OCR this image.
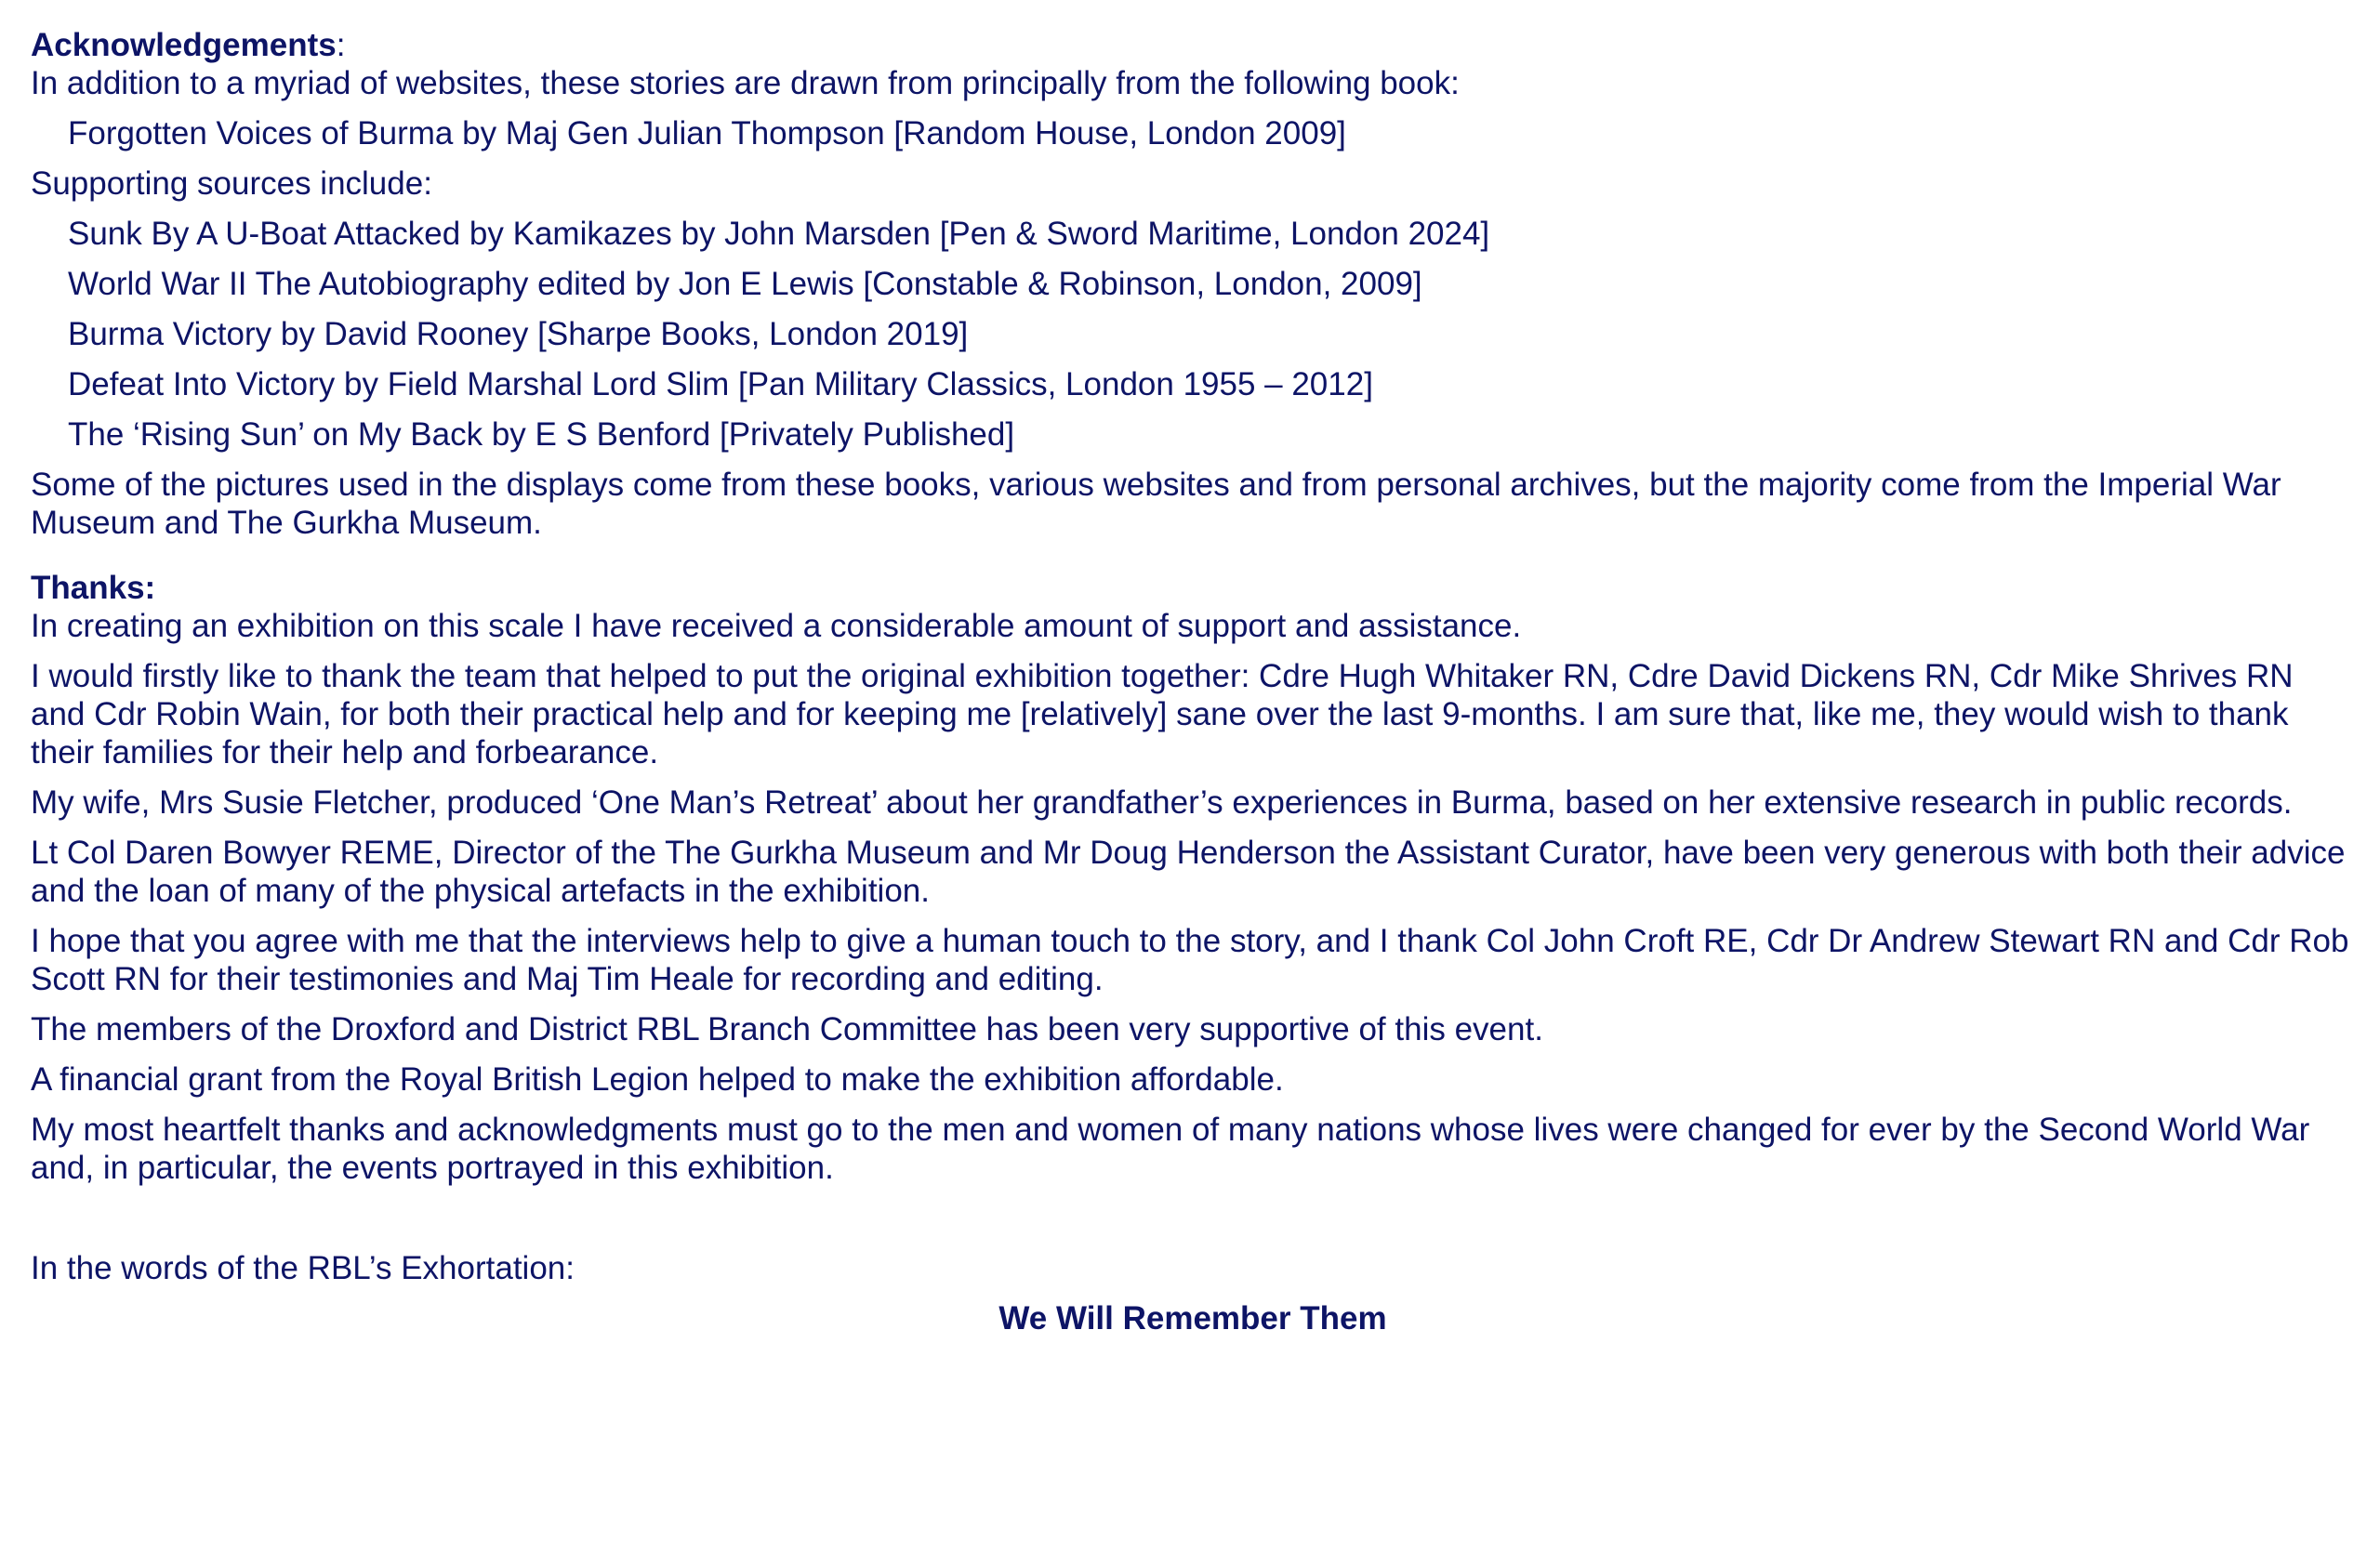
Acknowledgements:

In addition to a myriad of websites, these stories are drawn from principally from the following book:

Forgotten Voices of Burma by Maj Gen Julian Thompson [Random House, London 2009]

Supporting sources include:

Sunk By A U-Boat Attacked by Kamikazes by John Marsden [Pen & Sword Maritime, London 2024]

World War II The Autobiography edited by Jon E Lewis [Constable & Robinson, London, 2009]

Burma Victory by David Rooney [Sharpe Books, London 2019]

Defeat Into Victory by Field Marshal Lord Slim [Pan Military Classics, London 1955 – 2012]

The ‘Rising Sun’ on My Back by E S Benford [Privately Published]

Some of the pictures used in the displays come from these books, various websites and from personal archives, but the majority come from the Imperial War Museum and The Gurkha Museum.

Thanks:

In creating an exhibition on this scale I have received a considerable amount of support and assistance.

I would firstly like to thank the team that helped to put the original exhibition together: Cdre Hugh Whitaker RN, Cdre David Dickens RN, Cdr Mike Shrives RN and Cdr Robin Wain, for both their practical help and for keeping me [relatively] sane over the last 9-months. I am sure that, like me, they would wish to thank their families for their help and forbearance.

My wife, Mrs Susie Fletcher, produced ‘One Man’s Retreat’ about her grandfather’s experiences in Burma, based on her extensive research in public records.

Lt Col Daren Bowyer REME, Director of the The Gurkha Museum and Mr Doug Henderson the Assistant Curator, have been very generous with both their advice and the loan of many of the physical artefacts in the exhibition.

I hope that you agree with me that the interviews help to give a human touch to the story, and I thank Col John Croft RE, Cdr Dr Andrew Stewart RN and Cdr Rob Scott RN for their testimonies and Maj Tim Heale for recording and editing.

The members of the Droxford and District RBL Branch Committee has been very supportive of this event.

A financial grant from the Royal British Legion helped to make the exhibition affordable.

My most heartfelt thanks and acknowledgments must go to the men and women of many nations whose lives were changed for ever by the Second World War and, in particular, the events portrayed in this exhibition.

In the words of the RBL’s Exhortation:

We Will Remember Them
